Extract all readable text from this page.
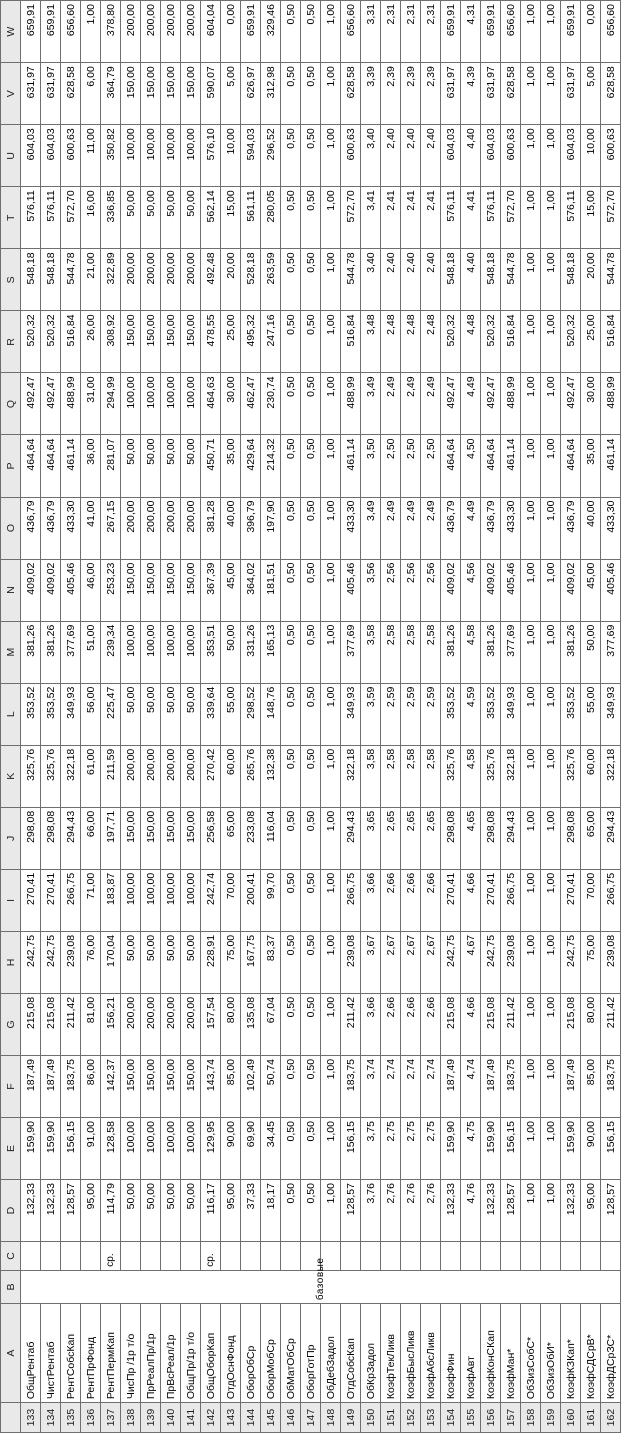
	A	B	C	D	E	F	G	H	I	J	K	L	M	N	O	P	Q	R	S	T	U	V	W
133	ОбщРентаб	базовые		132,33	159,90	187,49	215,08	242,75	270,41	298,08	325,76	353,52	381,26	409,02	436,79	464,64	492,47	520,32	548,18	576,11	604,03	631,97	659,91
134	ЧистРентаб			132,33	159,90	187,49	215,08	242,75	270,41	298,08	325,76	353,52	381,26	409,02	436,79	464,64	492,47	520,32	548,18	576,11	604,03	631,97	659,91
135	РентСобсКап			128,57	156,15	183,75	211,42	239,08	266,75	294,43	322,18	349,93	377,69	405,46	433,30	461,14	488,99	516,84	544,78	572,70	600,63	628,58	656,60
136	РентПрФонд			95,00	91,00	86,00	81,00	76,00	71,00	66,00	61,00	56,00	51,00	46,00	41,00	36,00	31,00	26,00	21,00	16,00	11,00	6,00	1,00
137	РентПермКап		ср.	114,79	128,58	142,37	156,21	170,04	183,87	197,71	211,59	225,47	239,34	253,23	267,15	281,07	294,99	308,92	322,89	336,85	350,82	364,79	378,80
138	ЧисПр /1р т/о			50,00	100,00	150,00	200,00	50,00	100,00	150,00	200,00	50,00	100,00	150,00	200,00	50,00	100,00	150,00	200,00	50,00	100,00	150,00	200,00
139	ПрРеалПр/1р			50,00	100,00	150,00	200,00	50,00	100,00	150,00	200,00	50,00	100,00	150,00	200,00	50,00	100,00	150,00	200,00	50,00	100,00	150,00	200,00
140	ПрВсРеал/1р			50,00	100,00	150,00	200,00	50,00	100,00	150,00	200,00	50,00	100,00	150,00	200,00	50,00	100,00	150,00	200,00	50,00	100,00	150,00	200,00
141	ОбщПр/1р т/о			50,00	100,00	150,00	200,00	50,00	100,00	150,00	200,00	50,00	100,00	150,00	200,00	50,00	100,00	150,00	200,00	50,00	100,00	150,00	200,00
142	ОбщОборКап		ср.	116,17	129,95	143,74	157,54	228,91	242,74	256,58	270,42	339,64	353,51	367,39	381,28	450,71	464,63	478,55	492,48	562,14	576,10	590,07	604,04
143	ОтдОснФонд			95,00	90,00	85,00	80,00	75,00	70,00	65,00	60,00	55,00	50,00	45,00	40,00	35,00	30,00	25,00	20,00	15,00	10,00	5,00	0,00
144	ОборОбСр			37,33	69,90	102,49	135,08	167,75	200,41	233,08	265,76	298,52	331,26	364,02	396,79	429,64	462,47	495,32	528,18	561,11	594,03	626,97	659,91
145	ОборМобСр			18,17	34,45	50,74	67,04	83,37	99,70	116,04	132,38	148,76	165,13	181,51	197,90	214,32	230,74	247,16	263,59	280,05	296,52	312,98	329,46
146	ОбМатОбСр			0,50	0,50	0,50	0,50	0,50	0,50	0,50	0,50	0,50	0,50	0,50	0,50	0,50	0,50	0,50	0,50	0,50	0,50	0,50	0,50
147	ОборГотПр			0,50	0,50	0,50	0,50	0,50	0,50	0,50	0,50	0,50	0,50	0,50	0,50	0,50	0,50	0,50	0,50	0,50	0,50	0,50	0,50
148	ОбДебЗадол			1,00	1,00	1,00	1,00	1,00	1,00	1,00	1,00	1,00	1,00	1,00	1,00	1,00	1,00	1,00	1,00	1,00	1,00	1,00	1,00
149	ОтдСобсКап			128,57	156,15	183,75	211,42	239,08	266,75	294,43	322,18	349,93	377,69	405,46	433,30	461,14	488,99	516,84	544,78	572,70	600,63	628,58	656,60
150	ОбКрЗадол			3,76	3,75	3,74	3,66	3,67	3,66	3,65	3,58	3,59	3,58	3,56	3,49	3,50	3,49	3,48	3,40	3,41	3,40	3,39	3,31
151	КоэфТекЛикв			2,76	2,75	2,74	2,66	2,67	2,66	2,65	2,58	2,59	2,58	2,56	2,49	2,50	2,49	2,48	2,40	2,41	2,40	2,39	2,31
152	КоэфБысЛикв			2,76	2,75	2,74	2,66	2,67	2,66	2,65	2,58	2,59	2,58	2,56	2,49	2,50	2,49	2,48	2,40	2,41	2,40	2,39	2,31
153	КоэфАбсЛикв			2,76	2,75	2,74	2,66	2,67	2,66	2,65	2,58	2,59	2,58	2,56	2,49	2,50	2,49	2,48	2,40	2,41	2,40	2,39	2,31
154	КоэфФин			132,33	159,90	187,49	215,08	242,75	270,41	298,08	325,76	353,52	381,26	409,02	436,79	464,64	492,47	520,32	548,18	576,11	604,03	631,97	659,91
155	КоэфАвт			4,76	4,75	4,74	4,66	4,67	4,66	4,65	4,58	4,59	4,58	4,56	4,49	4,50	4,49	4,48	4,40	4,41	4,40	4,39	4,31
156	КоэфКонСКап			132,33	159,90	187,49	215,08	242,75	270,41	298,08	325,76	353,52	381,26	409,02	436,79	464,64	492,47	520,32	548,18	576,11	604,03	631,97	659,91
157	КоэфМан*			128,57	156,15	183,75	211,42	239,08	266,75	294,43	322,18	349,93	377,69	405,46	433,30	461,14	488,99	516,84	544,78	572,70	600,63	628,58	656,60
158	ОбЗизСобС*			1,00	1,00	1,00	1,00	1,00	1,00	1,00	1,00	1,00	1,00	1,00	1,00	1,00	1,00	1,00	1,00	1,00	1,00	1,00	1,00
159	ОбЗизОбИ*			1,00	1,00	1,00	1,00	1,00	1,00	1,00	1,00	1,00	1,00	1,00	1,00	1,00	1,00	1,00	1,00	1,00	1,00	1,00	1,00
160	КоэфКЗКап*			132,33	159,90	187,49	215,08	242,75	270,41	298,08	325,76	353,52	381,26	409,02	436,79	464,64	492,47	520,32	548,18	576,11	604,03	631,97	659,91
161	КоэфСДСрВ*			95,00	90,00	85,00	80,00	75,00	70,00	65,00	60,00	55,00	50,00	45,00	40,00	35,00	30,00	25,00	20,00	15,00	10,00	5,00	0,00
162	КоэфДСрЗС*			128,57	156,15	183,75	211,42	239,08	266,75	294,43	322,18	349,93	377,69	405,46	433,30	461,14	488,99	516,84	544,78	572,70	600,63	628,58	656,60
